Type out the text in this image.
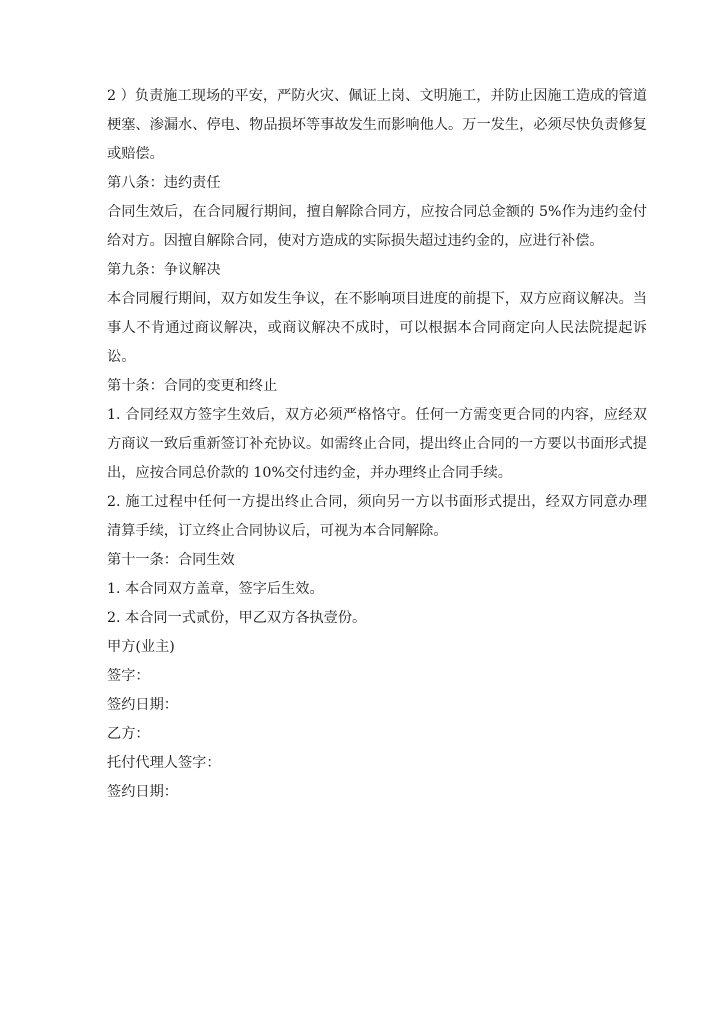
2 ）负责施工现场的平安，严防火灾、佩证上岗、文明施工，并防止因施工造成的管道梗塞、渗漏水、停电、物品损坏等事故发生而影响他人。万一发生，必须尽快负责修复或赔偿。

第八条：违约责任

合同生效后，在合同履行期间，擅自解除合同方，应按合同总金额的 5%作为违约金付给对方。因擅自解除合同，使对方造成的实际损失超过违约金的，应进行补偿。

第九条：争议解决

本合同履行期间，双方如发生争议，在不影响项目进度的前提下，双方应商议解决。当事人不肯通过商议解决，或商议解决不成时，可以根据本合同商定向人民法院提起诉讼。

第十条：合同的变更和终止

1. 合同经双方签字生效后，双方必须严格恪守。任何一方需变更合同的内容，应经双方商议一致后重新签订补充协议。如需终止合同，提出终止合同的一方要以书面形式提出，应按合同总价款的 10%交付违约金，并办理终止合同手续。

2. 施工过程中任何一方提出终止合同，须向另一方以书面形式提出，经双方同意办理清算手续，订立终止合同协议后，可视为本合同解除。

第十一条：合同生效

1. 本合同双方盖章，签字后生效。

2. 本合同一式贰份，甲乙双方各执壹份。

甲方(业主)

签字：

签约日期：

乙方：

托付代理人签字：

签约日期：
